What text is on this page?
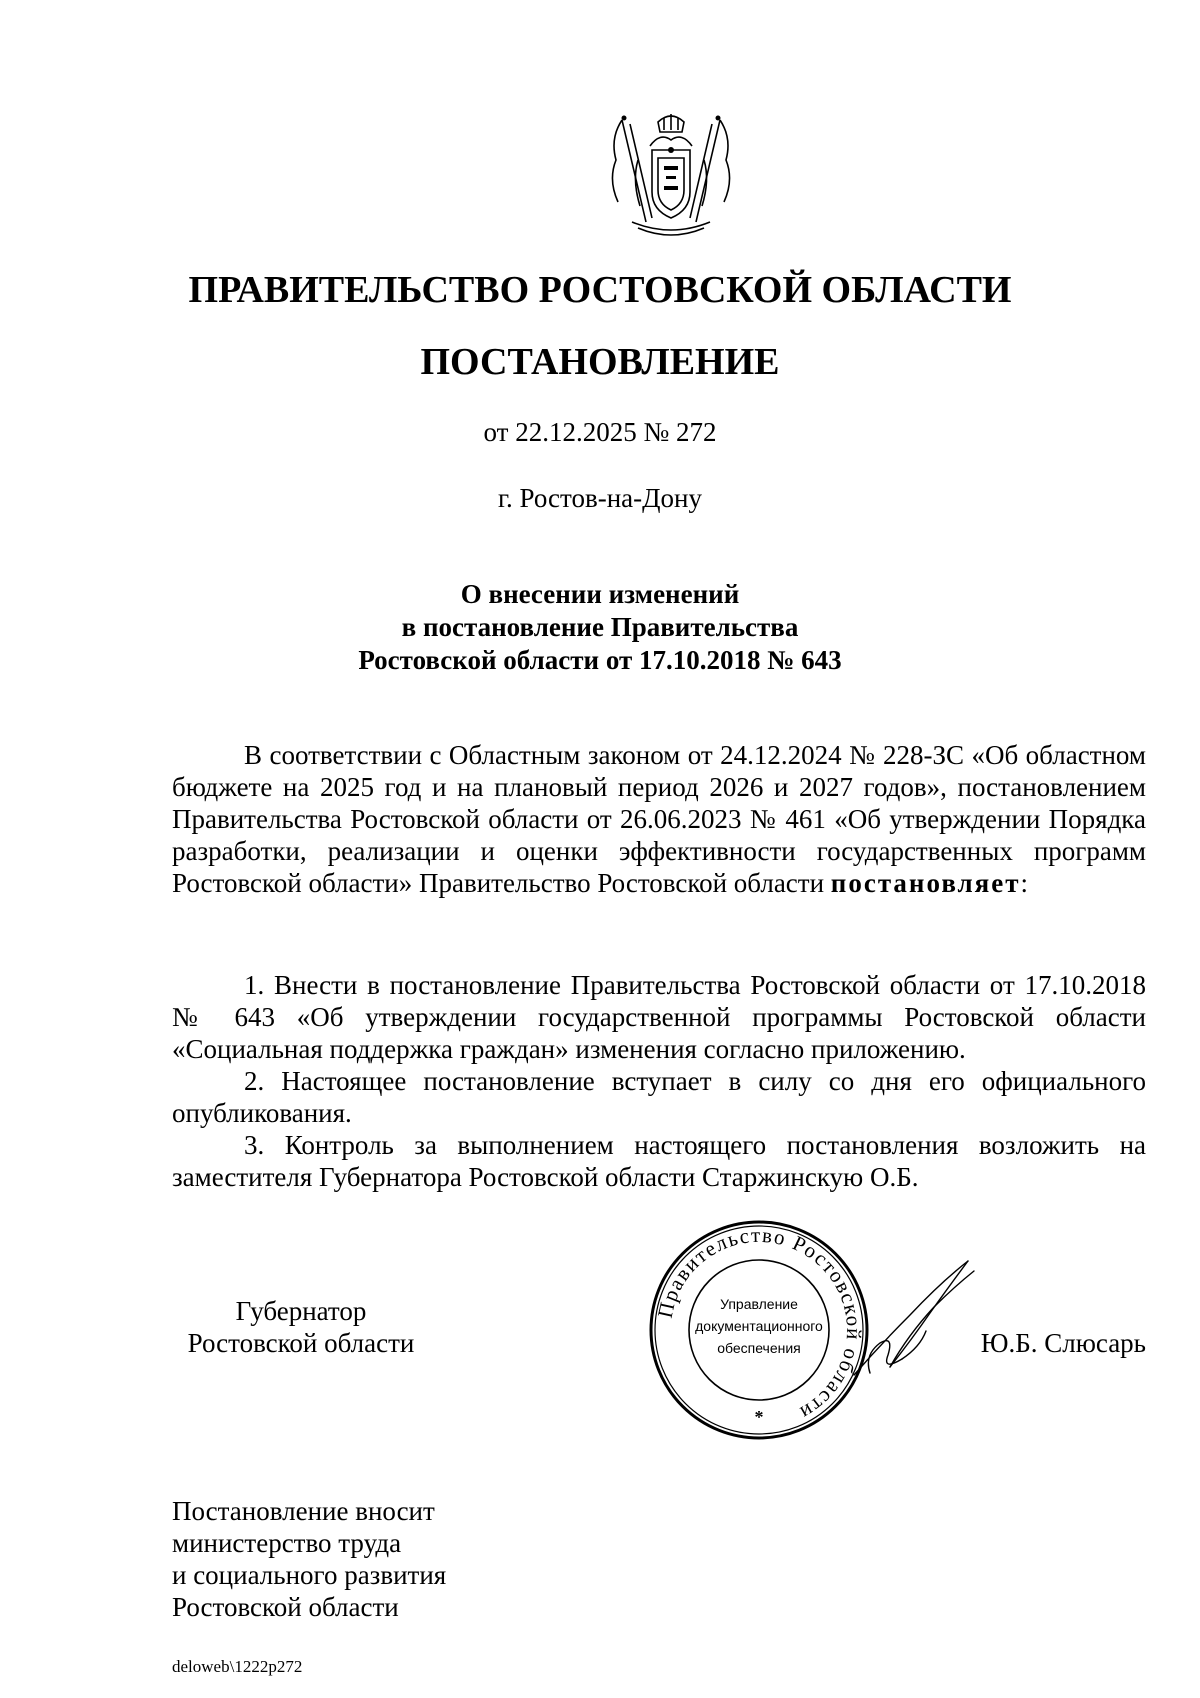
ПРАВИТЕЛЬСТВО РОСТОВСКОЙ ОБЛАСТИ
ПОСТАНОВЛЕНИЕ
от 22.12.2025 № 272
г. Ростов-на-Дону
О внесении изменений
в постановление Правительства
Ростовской области от 17.10.2018 № 643

В соответствии с Областным законом от 24.12.2024 № 228-ЗС «Об областном бюджете на 2025 год и на плановый период 2026 и 2027 годов», постановлением Правительства Ростовской области от 26.06.2023 № 461 «Об утверждении Порядка разработки, реализации и оценки эффективности государственных программ Ростовской области» Правительство Ростовской области постановляет:

1. Внести в постановление Правительства Ростовской области от 17.10.2018 № 643 «Об утверждении государственной программы Ростовской области «Социальная поддержка граждан» изменения согласно приложению.

2. Настоящее постановление вступает в силу со дня его официального опубликования.

3. Контроль за выполнением настоящего постановления возложить на заместителя Губернатора Ростовской области Старжинскую О.Б.

Губернатор
Ростовской области
Правительство Ростовской области
Управление
документационного
обеспечения
*
Ю.Б. Слюсарь
Постановление вносит
министерство труда
и социального развития
Ростовской области
deloweb\1222p272
